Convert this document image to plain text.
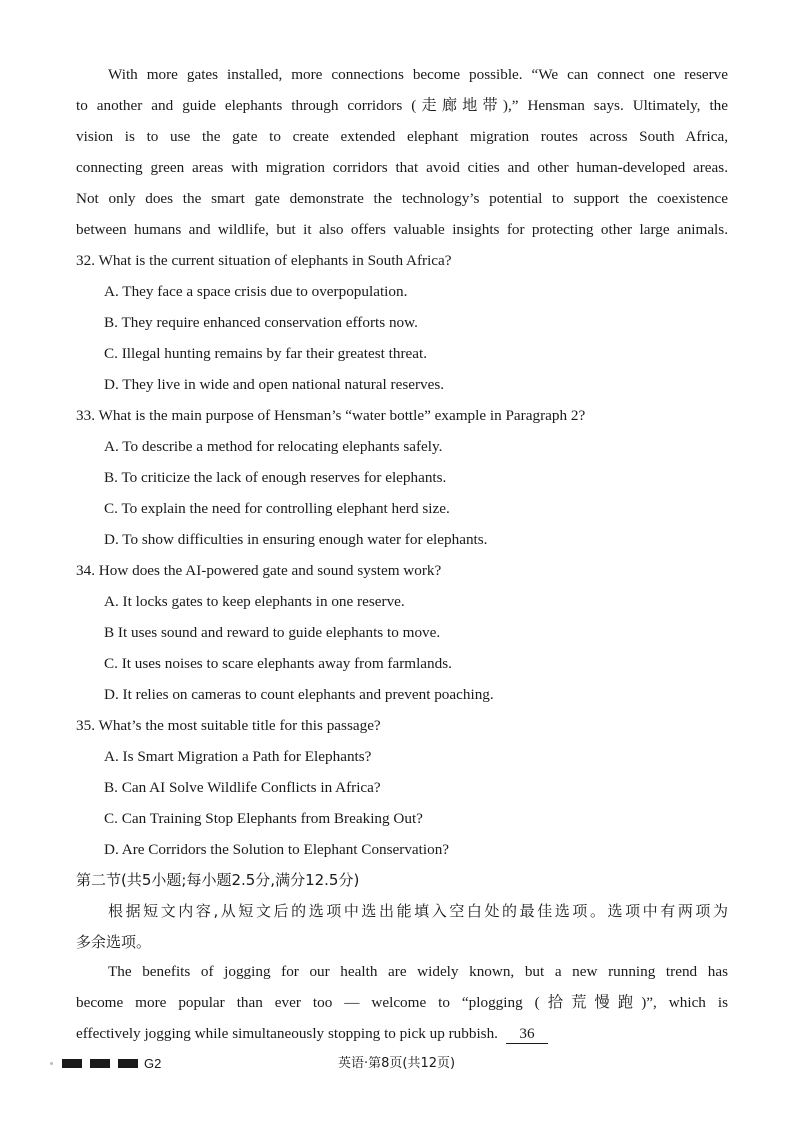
With more gates installed, more connections become possible. “We can connect one reserve
to another and guide elephants through corridors (走廊地带),” Hensman says. Ultimately, the
vision is to use the gate to create extended elephant migration routes across South Africa,
connecting green areas with migration corridors that avoid cities and other human-developed areas.
Not only does the smart gate demonstrate the technology’s potential to support the coexistence
between humans and wildlife, but it also offers valuable insights for protecting other large animals.
32. What is the current situation of elephants in South Africa?
A. They face a space crisis due to overpopulation.
B. They require enhanced conservation efforts now.
C. Illegal hunting remains by far their greatest threat.
D. They live in wide and open national natural reserves.
33. What is the main purpose of Hensman’s “water bottle” example in Paragraph 2?
A. To describe a method for relocating elephants safely.
B. To criticize the lack of enough reserves for elephants.
C. To explain the need for controlling elephant herd size.
D. To show difficulties in ensuring enough water for elephants.
34. How does the AI-powered gate and sound system work?
A. It locks gates to keep elephants in one reserve.
B It uses sound and reward to guide elephants to move.
C. It uses noises to scare elephants away from farmlands.
D. It relies on cameras to count elephants and prevent poaching.
35. What’s the most suitable title for this passage?
A. Is Smart Migration a Path for Elephants?
B. Can AI Solve Wildlife Conflicts in Africa?
C. Can Training Stop Elephants from Breaking Out?
D. Are Corridors the Solution to Elephant Conservation?
第二节(共5小题;每小题2.5分,满分12.5分)
根据短文内容,从短文后的选项中选出能填入空白处的最佳选项。选项中有两项为
多余选项。
The benefits of jogging for our health are widely known, but a new running trend has
become more popular than ever too — welcome to “plogging (拾荒慢跑)”, which is
effectively jogging while simultaneously stopping to pick up rubbish. 36
G2	英语·第8页(共12页)
